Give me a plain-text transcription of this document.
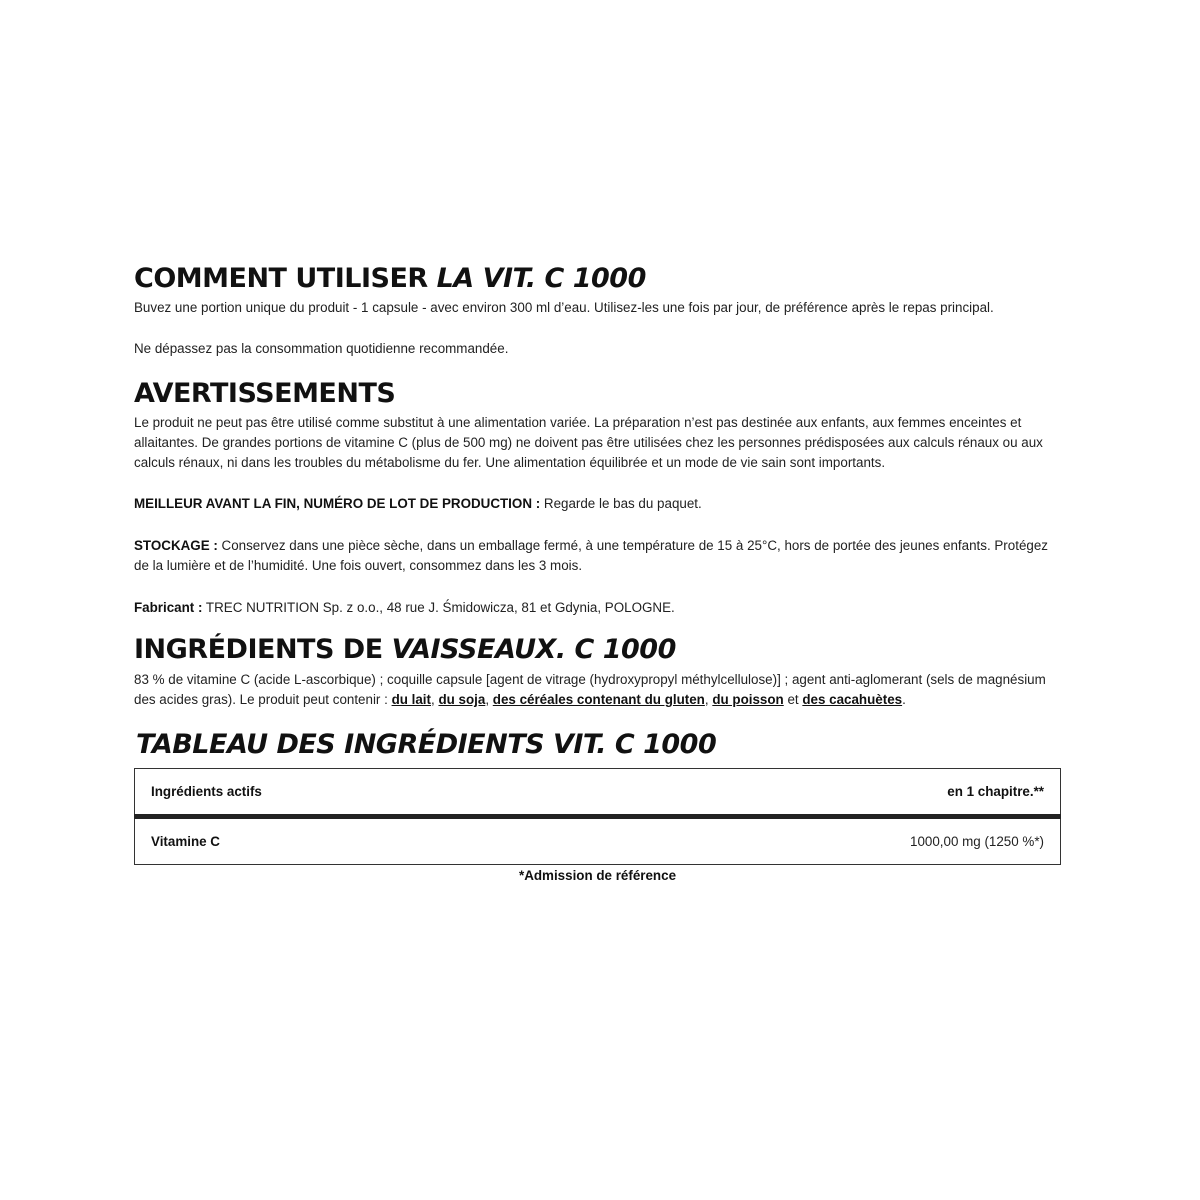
COMMENT UTILISER LA VIT. C 1000

Buvez une portion unique du produit - 1 capsule - avec environ 300 ml d’eau. Utilisez-les une fois par jour, de préférence après le repas principal.

Ne dépassez pas la consommation quotidienne recommandée.

AVERTISSEMENTS

Le produit ne peut pas être utilisé comme substitut à une alimentation variée. La préparation n’est pas destinée aux enfants, aux femmes enceintes et allaitantes. De grandes portions de vitamine C (plus de 500 mg) ne doivent pas être utilisées chez les personnes prédisposées aux calculs rénaux ou aux calculs rénaux, ni dans les troubles du métabolisme du fer. Une alimentation équilibrée et un mode de vie sain sont importants.

MEILLEUR AVANT LA FIN, NUMÉRO DE LOT DE PRODUCTION : Regarde le bas du paquet.

STOCKAGE : Conservez dans une pièce sèche, dans un emballage fermé, à une température de 15 à 25°C, hors de portée des jeunes enfants. Protégez de la lumière et de l’humidité. Une fois ouvert, consommez dans les 3 mois.

Fabricant : TREC NUTRITION Sp. z o.o., 48 rue J. Śmidowicza, 81 et Gdynia, POLOGNE.

INGRÉDIENTS DE VAISSEAUX. C 1000

83 % de vitamine C (acide L-ascorbique) ; coquille capsule [agent de vitrage (hydroxypropyl méthylcellulose)] ; agent anti-aglomerant (sels de magnésium des acides gras). Le produit peut contenir : du lait, du soja, des céréales contenant du gluten, du poisson et des cacahuètes.

TABLEAU DES INGRÉDIENTS VIT. C 1000
Ingrédients actifs	en 1 chapitre.**
Vitamine C	1000,00 mg (1250 %*)
*Admission de référence
